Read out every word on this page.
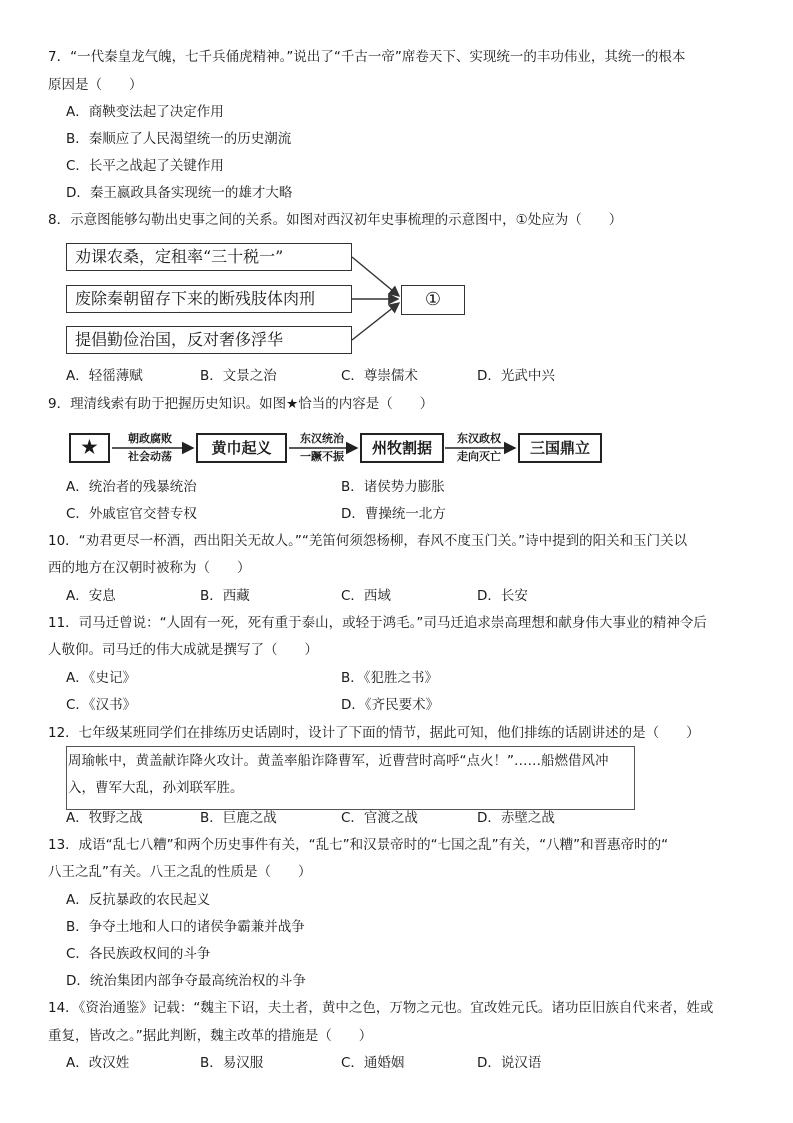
7．“一代秦皇龙气魄，七千兵俑虎精神。”说出了“千古一帝”席卷天下、实现统一的丰功伟业，其统一的根本
原因是（　　）
A．商鞅变法起了决定作用
B．秦顺应了人民渴望统一的历史潮流
C．长平之战起了关键作用
D．秦王嬴政具备实现统一的雄才大略
8．示意图能够勾勒出史事之间的关系。如图对西汉初年史事梳理的示意图中，①处应为（　　）
劝课农桑，定租率“三十税一”
废除秦朝留存下来的断残肢体肉刑
提倡勤俭治国，反对奢侈浮华
①
A．轻徭薄赋	B．文景之治	C．尊崇儒术	D．光武中兴
9．理清线索有助于把握历史知识。如图★恰当的内容是（　　）
★	朝政腐败
社会动荡	黄巾起义
东汉统治
一蹶不振	州牧割据
东汉政权
走向灭亡	三国鼎立
A．统治者的残暴统治	B．诸侯势力膨胀
C．外戚宦官交替专权	D．曹操统一北方
10．“劝君更尽一杯酒，西出阳关无故人。”“羌笛何须怨杨柳，春风不度玉门关。”诗中提到的阳关和玉门关以
西的地方在汉朝时被称为（　　）
A．安息	B．西藏	C．西域	D．长安
11．司马迁曾说：“人固有一死，死有重于泰山，或轻于鸿毛。”司马迁追求崇高理想和献身伟大事业的精神令后
人敬仰。司马迁的伟大成就是撰写了（　　）
A．《史记》	B．《犯胜之书》
C．《汉书》	D．《齐民要术》
12．七年级某班同学们在排练历史话剧时，设计了下面的情节，据此可知，他们排练的话剧讲述的是（　　）
周瑜帐中，黄盖献诈降火攻计。黄盖率船诈降曹军，近曹营时高呼“点火！”……船燃借风冲
入，曹军大乱，孙刘联军胜。
A．牧野之战	B．巨鹿之战	C．官渡之战	D．赤壁之战
13．成语“乱七八糟”和两个历史事件有关，“乱七”和汉景帝时的“七国之乱”有关，“八糟”和晋惠帝时的“
八王之乱”有关。八王之乱的性质是（　　）
A．反抗暴政的农民起义
B．争夺土地和人口的诸侯争霸兼并战争
C．各民族政权间的斗争
D．统治集团内部争夺最高统治权的斗争
14．《资治通鉴》记载：“魏主下诏，夫土者，黄中之色，万物之元也。宜改姓元氏。诸功臣旧族自代来者，姓或
重复，皆改之。”据此判断，魏主改革的措施是（　　）
A．改汉姓	B．易汉服	C．通婚姻	D．说汉语
